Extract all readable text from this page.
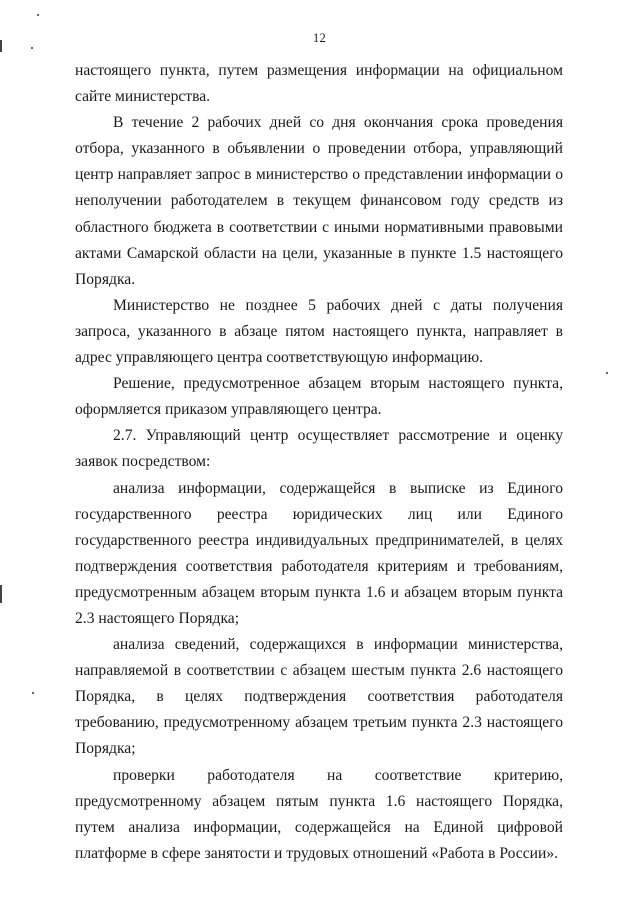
12

настоящего пункта, путем размещения информации на официальном сайте министерства.

В течение 2 рабочих дней со дня окончания срока проведения отбора, указанного в объявлении о проведении отбора, управляющий центр направляет запрос в министерство о представлении информации о неполучении работодателем в текущем финансовом году средств из областного бюджета в соответствии с иными нормативными правовыми актами Самарской области на цели, указанные в пункте 1.5 настоящего Порядка.

Министерство не позднее 5 рабочих дней с даты получения запроса, указанного в абзаце пятом настоящего пункта, направляет в адрес управляющего центра соответствующую информацию.

Решение, предусмотренное абзацем вторым настоящего пункта, оформляется приказом управляющего центра.

2.7. Управляющий центр осуществляет рассмотрение и оценку заявок посредством:

анализа информации, содержащейся в выписке из Единого государственного реестра юридических лиц или Единого государственного реестра индивидуальных предпринимателей, в целях подтверждения соответствия работодателя критериям и требованиям, предусмотренным абзацем вторым пункта 1.6 и абзацем вторым пункта 2.3 настоящего Порядка;

анализа сведений, содержащихся в информации министерства, направляемой в соответствии с абзацем шестым пункта 2.6 настоящего Порядка, в целях подтверждения соответствия работодателя требованию, предусмотренному абзацем третьим пункта 2.3 настоящего Порядка;

проверки работодателя на соответствие критерию, предусмотренному абзацем пятым пункта 1.6 настоящего Порядка, путем анализа информации, содержащейся на Единой цифровой платформе в сфере занятости и трудовых отношений «Работа в России».
